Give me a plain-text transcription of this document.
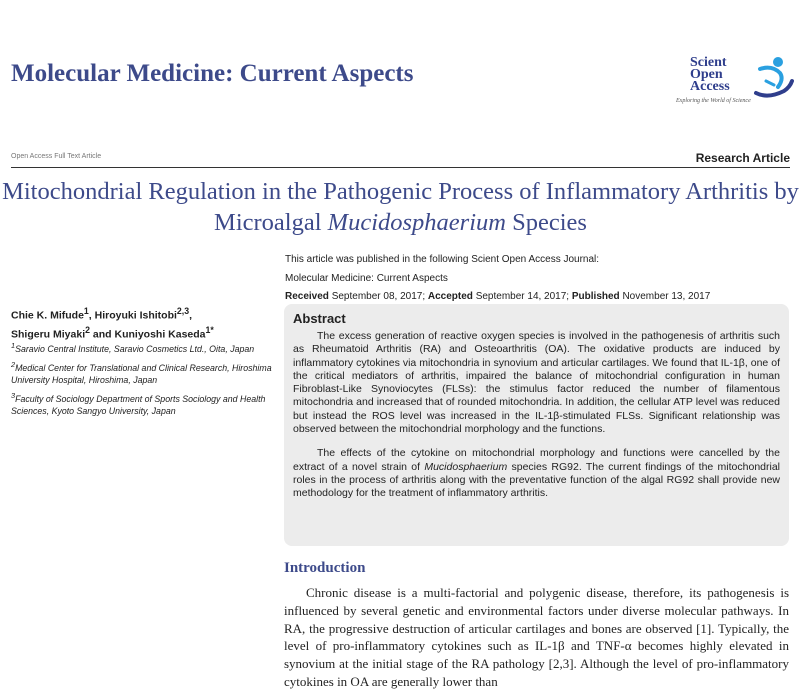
Molecular Medicine: Current Aspects	Scient
Open
Access
Exploring the World of Science
Open Access Full Text Article	Research Article
Mitochondrial Regulation in the Pathogenic Process of Inflammatory Arthritis by Microalgal Mucidosphaerium Species
This article was published in the following Scient Open Access Journal:
Molecular Medicine: Current Aspects
Received September 08, 2017; Accepted September 14, 2017; Published November 13, 2017
Chie K. Mifude$^1$, Hiroyuki Ishitobi$^{2,3}$,
Shigeru Miyaki$^2$ and Kuniyoshi Kaseda$^{1*}$

$^1$Saravio Central Institute, Saravio Cosmetics Ltd., Oita, Japan

$^2$Medical Center for Translational and Clinical Research, Hiroshima University Hospital, Hiroshima, Japan

$^3$Faculty of Sociology Department of Sports Sociology and Health Sciences, Kyoto Sangyo University, Japan

Abstract

The excess generation of reactive oxygen species is involved in the pathogenesis of arthritis such as Rheumatoid Arthritis (RA) and Osteoarthritis (OA). The oxidative products are induced by inflammatory cytokines via mitochondria in synovium and articular cartilages. We found that IL-1β, one of the critical mediators of arthritis, impaired the balance of mitochondrial configuration in human Fibroblast-Like Synoviocytes (FLSs): the stimulus factor reduced the number of filamentous mitochondria and increased that of rounded mitochondria. In addition, the cellular ATP level was reduced but instead the ROS level was increased in the IL-1β-stimulated FLSs. Significant relationship was observed between the mitochondrial morphology and the functions.

The effects of the cytokine on mitochondrial morphology and functions were cancelled by the extract of a novel strain of Mucidosphaerium species RG92. The current findings of the mitochondrial roles in the process of arthritis along with the preventative function of the algal RG92 shall provide new methodology for the treatment of inflammatory arthritis.

Introduction

Chronic disease is a multi-factorial and polygenic disease, therefore, its pathogenesis is influenced by several genetic and environmental factors under diverse molecular pathways. In RA, the progressive destruction of articular cartilages and bones are observed [1]. Typically, the level of pro-inflammatory cytokines such as IL-1β and TNF-α becomes highly elevated in synovium at the initial stage of the RA pathology [2,3]. Although the level of pro-inflammatory cytokines in OA are generally lower than
